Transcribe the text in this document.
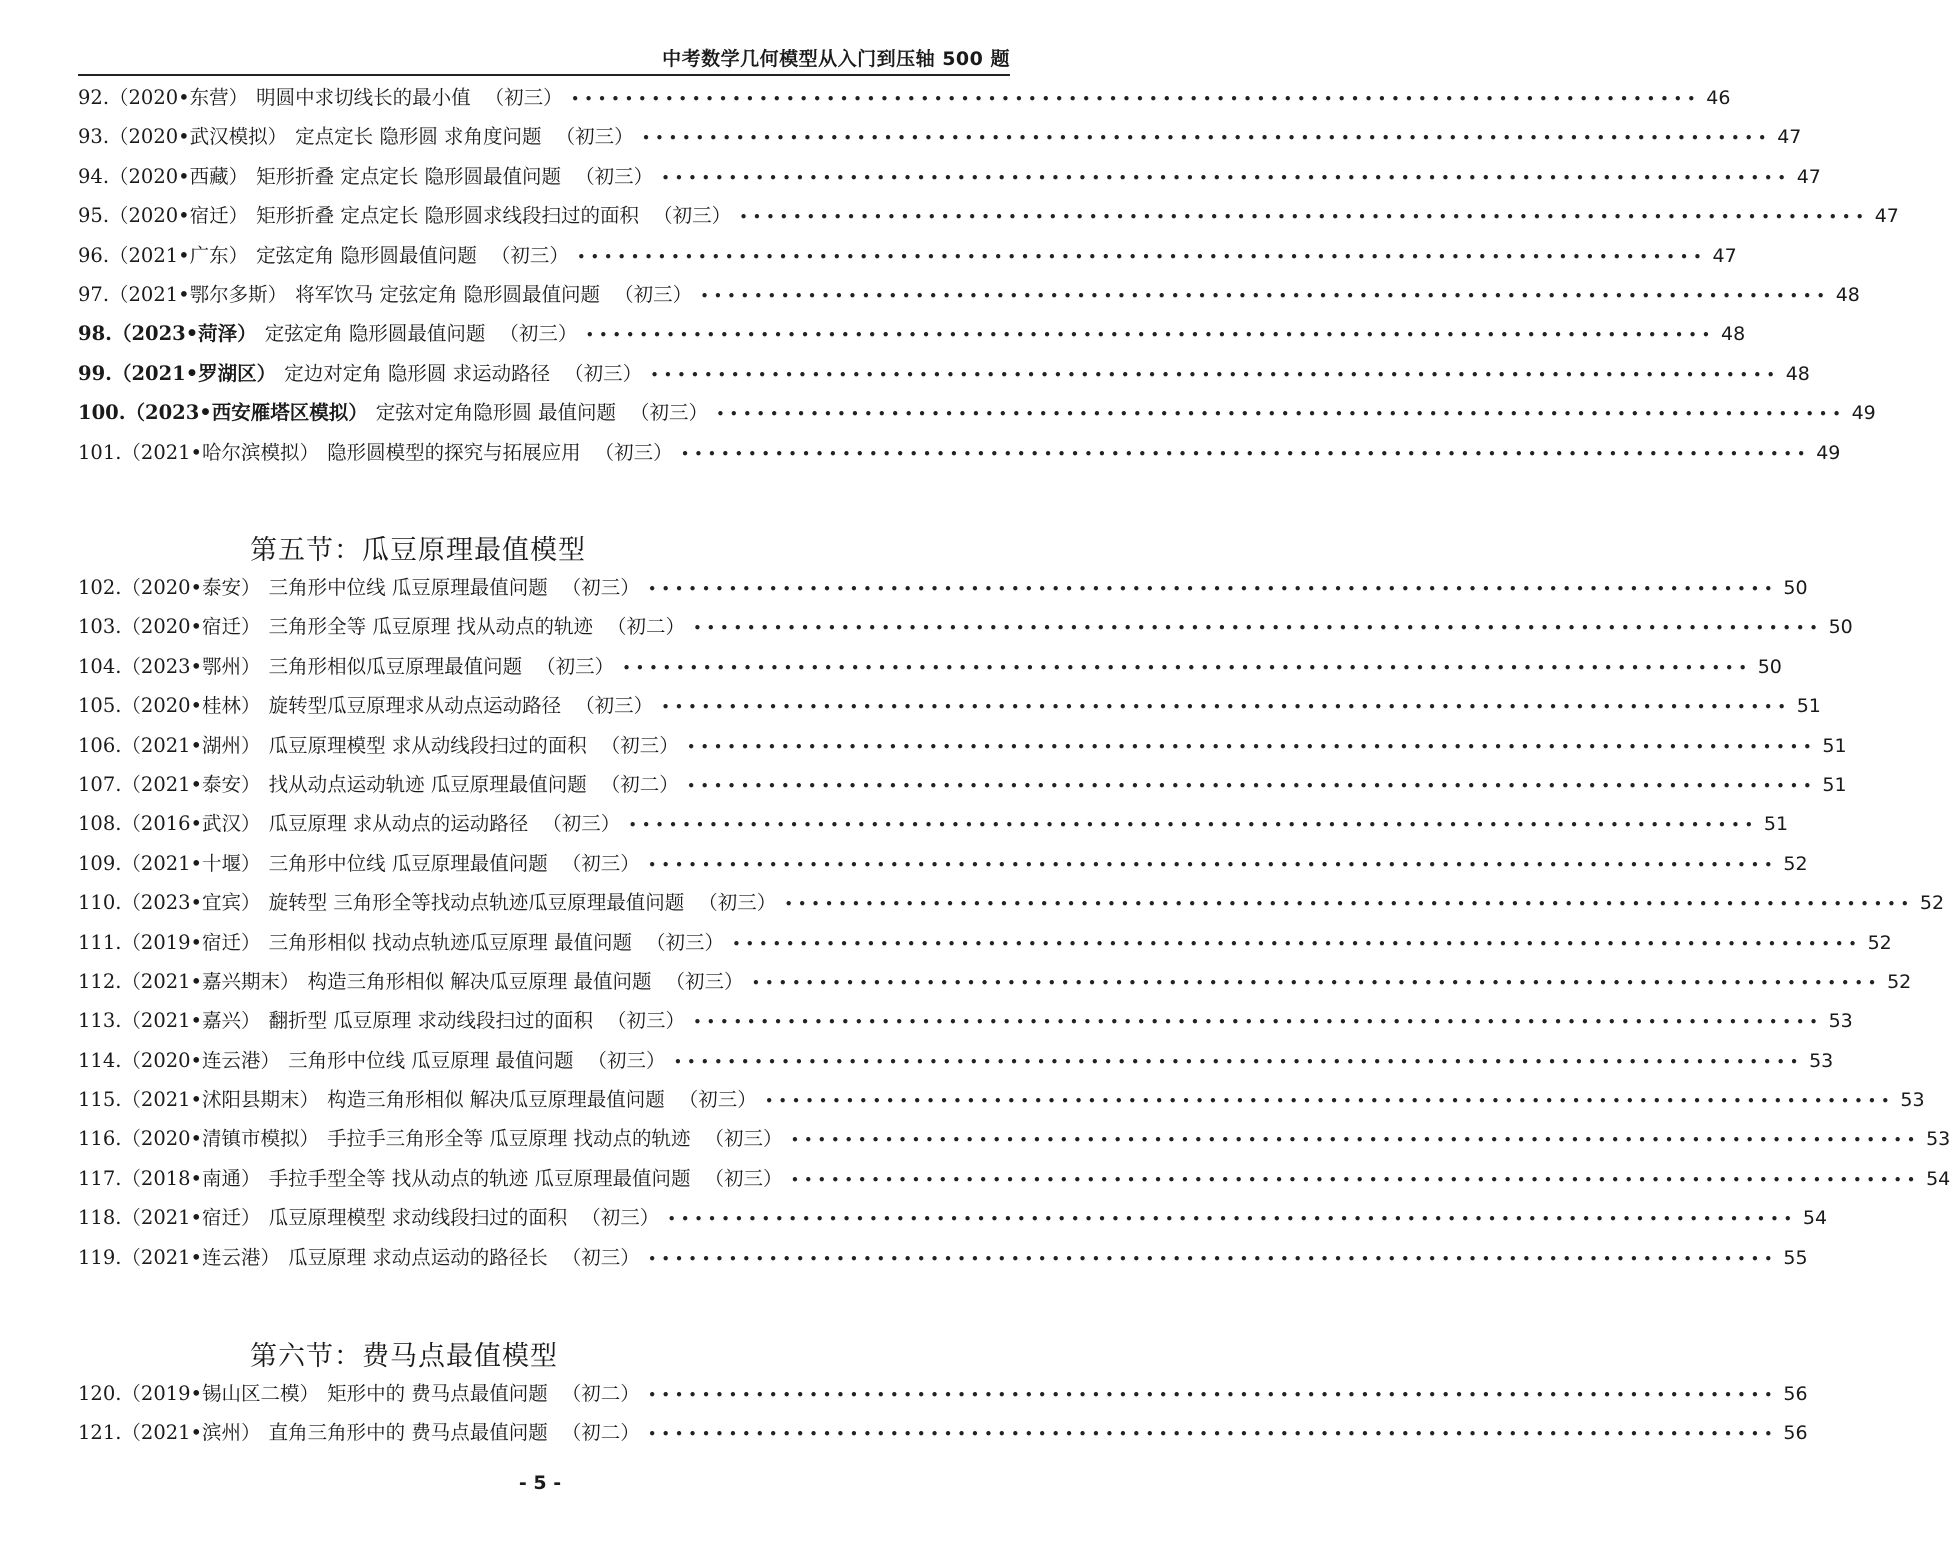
中考数学几何模型从入门到压轴 500 题
92. （2020•东营） 明圆中求切线长的最小值 （初三） •••••••••••••••••••••••••••••••••••••••••••••••••••••••••••••••••••••••••••••••••••• 46
93. （2020•武汉模拟） 定点定长 隐形圆 求角度问题 （初三） •••••••••••••••••••••••••••••••••••••••••••••••••••••••••••••••••••••••••••••••••••• 47
94. （2020•西藏） 矩形折叠 定点定长 隐形圆最值问题 （初三） •••••••••••••••••••••••••••••••••••••••••••••••••••••••••••••••••••••••••••••••••••• 47
95. （2020•宿迁） 矩形折叠 定点定长 隐形圆求线段扫过的面积 （初三） •••••••••••••••••••••••••••••••••••••••••••••••••••••••••••••••••••••••••••••••••••• 47
96. （2021•广东） 定弦定角 隐形圆最值问题 （初三） •••••••••••••••••••••••••••••••••••••••••••••••••••••••••••••••••••••••••••••••••••• 47
97. （2021•鄂尔多斯） 将军饮马 定弦定角 隐形圆最值问题 （初三） •••••••••••••••••••••••••••••••••••••••••••••••••••••••••••••••••••••••••••••••••••• 48
98. （2023•菏泽） 定弦定角 隐形圆最值问题 （初三） •••••••••••••••••••••••••••••••••••••••••••••••••••••••••••••••••••••••••••••••••••• 48
99. （2021•罗湖区） 定边对定角 隐形圆 求运动路径 （初三） •••••••••••••••••••••••••••••••••••••••••••••••••••••••••••••••••••••••••••••••••••• 48
100. （2023•西安雁塔区模拟） 定弦对定角隐形圆 最值问题 （初三） •••••••••••••••••••••••••••••••••••••••••••••••••••••••••••••••••••••••••••••••••••• 49
101. （2021•哈尔滨模拟） 隐形圆模型的探究与拓展应用 （初三） •••••••••••••••••••••••••••••••••••••••••••••••••••••••••••••••••••••••••••••••••••• 49
第五节：瓜豆原理最值模型
102. （2020•泰安） 三角形中位线 瓜豆原理最值问题 （初三） •••••••••••••••••••••••••••••••••••••••••••••••••••••••••••••••••••••••••••••••••••• 50
103. （2020•宿迁） 三角形全等 瓜豆原理 找从动点的轨迹 （初二） •••••••••••••••••••••••••••••••••••••••••••••••••••••••••••••••••••••••••••••••••••• 50
104. （2023•鄂州） 三角形相似瓜豆原理最值问题 （初三） •••••••••••••••••••••••••••••••••••••••••••••••••••••••••••••••••••••••••••••••••••• 50
105. （2020•桂林） 旋转型瓜豆原理求从动点运动路径 （初三） •••••••••••••••••••••••••••••••••••••••••••••••••••••••••••••••••••••••••••••••••••• 51
106. （2021•湖州） 瓜豆原理模型 求从动线段扫过的面积 （初三） •••••••••••••••••••••••••••••••••••••••••••••••••••••••••••••••••••••••••••••••••••• 51
107. （2021•泰安） 找从动点运动轨迹 瓜豆原理最值问题 （初二） •••••••••••••••••••••••••••••••••••••••••••••••••••••••••••••••••••••••••••••••••••• 51
108. （2016•武汉） 瓜豆原理 求从动点的运动路径 （初三） •••••••••••••••••••••••••••••••••••••••••••••••••••••••••••••••••••••••••••••••••••• 51
109. （2021•十堰） 三角形中位线 瓜豆原理最值问题 （初三） •••••••••••••••••••••••••••••••••••••••••••••••••••••••••••••••••••••••••••••••••••• 52
110. （2023•宜宾） 旋转型 三角形全等找动点轨迹瓜豆原理最值问题 （初三） •••••••••••••••••••••••••••••••••••••••••••••••••••••••••••••••••••••••••••••••••••• 52
111. （2019•宿迁） 三角形相似 找动点轨迹瓜豆原理 最值问题 （初三） •••••••••••••••••••••••••••••••••••••••••••••••••••••••••••••••••••••••••••••••••••• 52
112. （2021•嘉兴期末） 构造三角形相似 解决瓜豆原理 最值问题 （初三） •••••••••••••••••••••••••••••••••••••••••••••••••••••••••••••••••••••••••••••••••••• 52
113. （2021•嘉兴） 翻折型 瓜豆原理 求动线段扫过的面积 （初三） •••••••••••••••••••••••••••••••••••••••••••••••••••••••••••••••••••••••••••••••••••• 53
114. （2020•连云港） 三角形中位线 瓜豆原理 最值问题 （初三） •••••••••••••••••••••••••••••••••••••••••••••••••••••••••••••••••••••••••••••••••••• 53
115. （2021•沭阳县期末） 构造三角形相似 解决瓜豆原理最值问题 （初三） •••••••••••••••••••••••••••••••••••••••••••••••••••••••••••••••••••••••••••••••••••• 53
116. （2020•清镇市模拟） 手拉手三角形全等 瓜豆原理 找动点的轨迹 （初三） •••••••••••••••••••••••••••••••••••••••••••••••••••••••••••••••••••••••••••••••••••• 53
117. （2018•南通） 手拉手型全等 找从动点的轨迹 瓜豆原理最值问题 （初三） •••••••••••••••••••••••••••••••••••••••••••••••••••••••••••••••••••••••••••••••••••• 54
118. （2021•宿迁） 瓜豆原理模型 求动线段扫过的面积 （初三） •••••••••••••••••••••••••••••••••••••••••••••••••••••••••••••••••••••••••••••••••••• 54
119. （2021•连云港） 瓜豆原理 求动点运动的路径长 （初三） •••••••••••••••••••••••••••••••••••••••••••••••••••••••••••••••••••••••••••••••••••• 55
第六节：费马点最值模型
120. （2019•锡山区二模） 矩形中的 费马点最值问题 （初二） •••••••••••••••••••••••••••••••••••••••••••••••••••••••••••••••••••••••••••••••••••• 56
121. （2021•滨州） 直角三角形中的 费马点最值问题 （初二） •••••••••••••••••••••••••••••••••••••••••••••••••••••••••••••••••••••••••••••••••••• 56
- 5 -
